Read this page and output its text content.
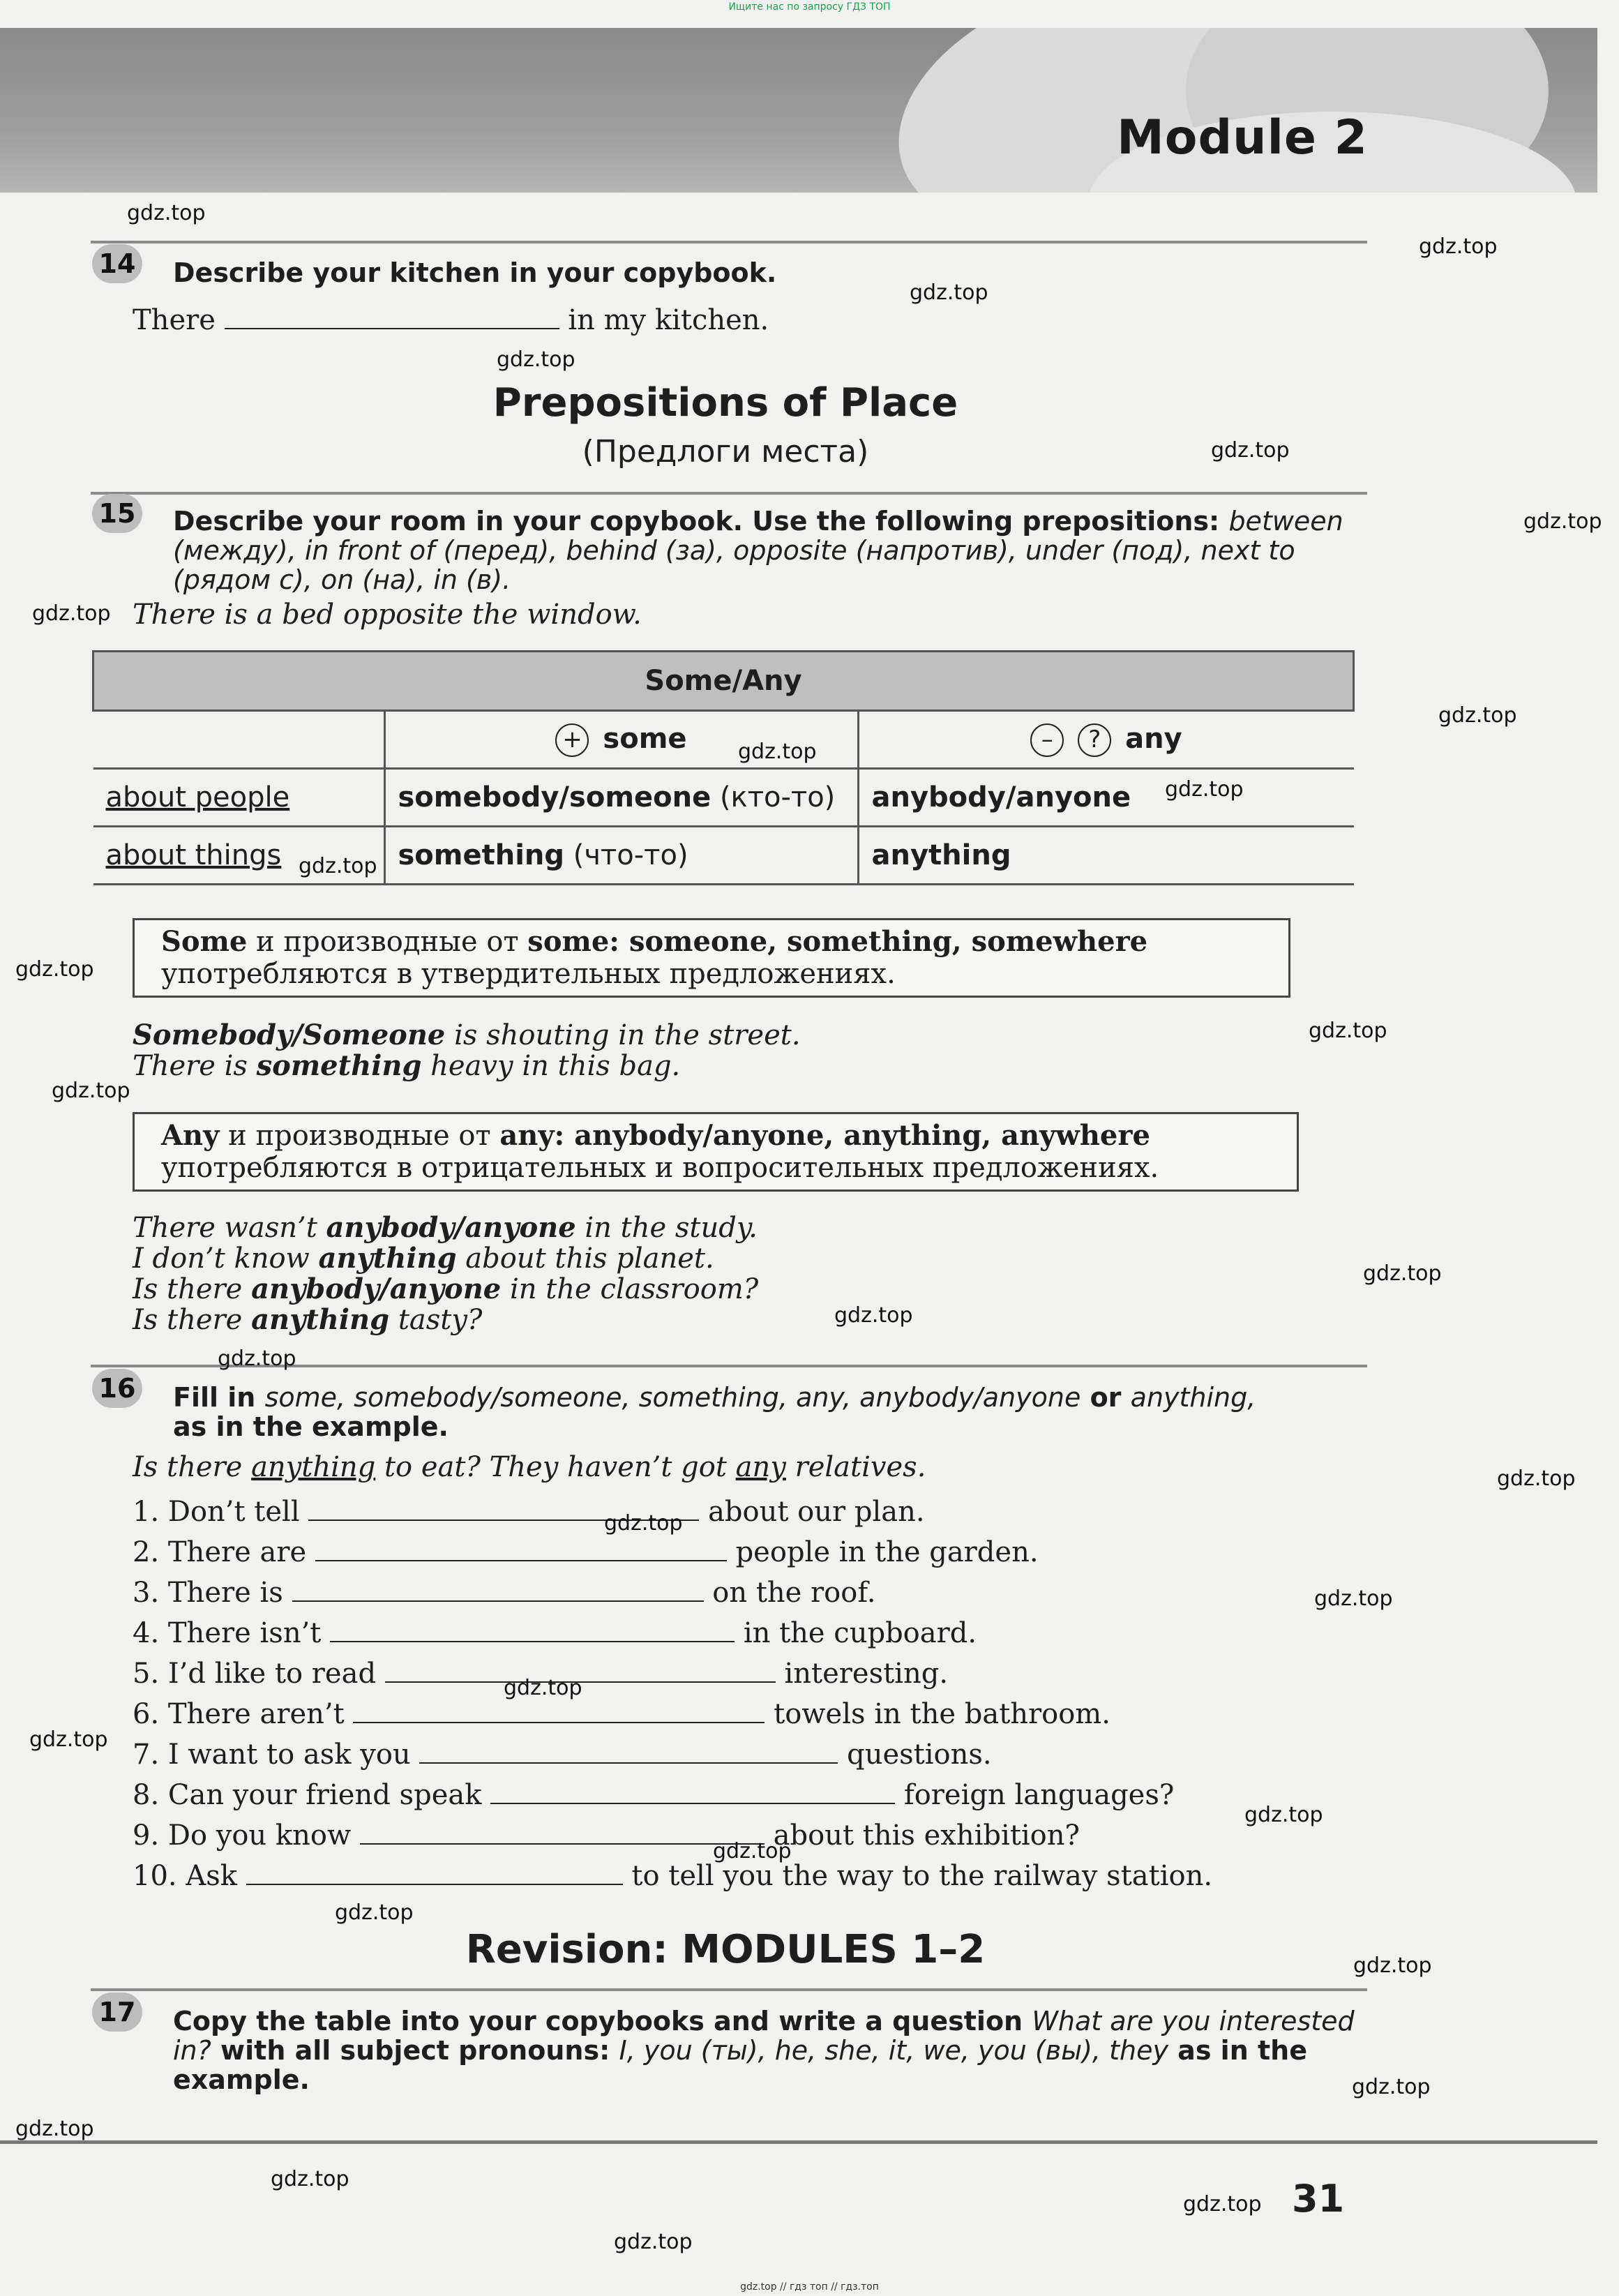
Ищите нас по запросу ГДЗ ТОП
gdz.top // гдз топ // гдз.топ
Module 2
14 Describe your kitchen in your copybook.
There	in my kitchen.
Prepositions of Place
(Предлоги места)
15 Describe your room in your copybook. Use the following prepositions: between (между), in front of (перед), behind (за), opposite (напротив), under (под), next to (рядом с), on (на), in (в).
There is a bed opposite the window.
Some/Any		
	+ some	– ? any
about people	somebody/someone (кто-то)	anybody/anyone
about things	something (что-то)	anything
Some и производные от some: someone, something, somewhere
употребляются в утвердительных предложениях.
Somebody/Someone is shouting in the street.
There is something heavy in this bag.
Any и производные от any: anybody/anyone, anything, anywhere
употребляются в отрицательных и вопросительных предложениях.
There wasn’t anybody/anyone in the study.
I don’t know anything about this planet.
Is there anybody/anyone in the classroom?
Is there anything tasty?
16 Fill in some, somebody/someone, something, any, anybody/anyone or anything,
as in the example.
Is there anything to eat? They haven’t got any relatives.
1. Don’t tell	about our plan.
2. There are	people in the garden.
3. There is	on the roof.
4. There isn’t	in the cupboard.
5. I’d like to read	interesting.
6. There aren’t	towels in the bathroom.
7. I want to ask you	questions.
8. Can your friend speak	foreign languages?
9. Do you know	about this exhibition?
10. Ask	to tell you the way to the railway station.
Revision: MODULES 1–2
17 Copy the table into your copybooks and write a question What are you interested in? with all subject pronouns: I, you (ты), he, she, it, we, you (вы), they as in the example.
31
gdz.top
gdz.top
gdz.top
gdz.top
gdz.top
gdz.top
gdz.top
gdz.top
gdz.top
gdz.top
gdz.top
gdz.top
gdz.top
gdz.top
gdz.top
gdz.top
gdz.top
gdz.top
gdz.top
gdz.top
gdz.top
gdz.top
gdz.top
gdz.top
gdz.top
gdz.top
gdz.top
gdz.top
gdz.top
gdz.top
gdz.top
